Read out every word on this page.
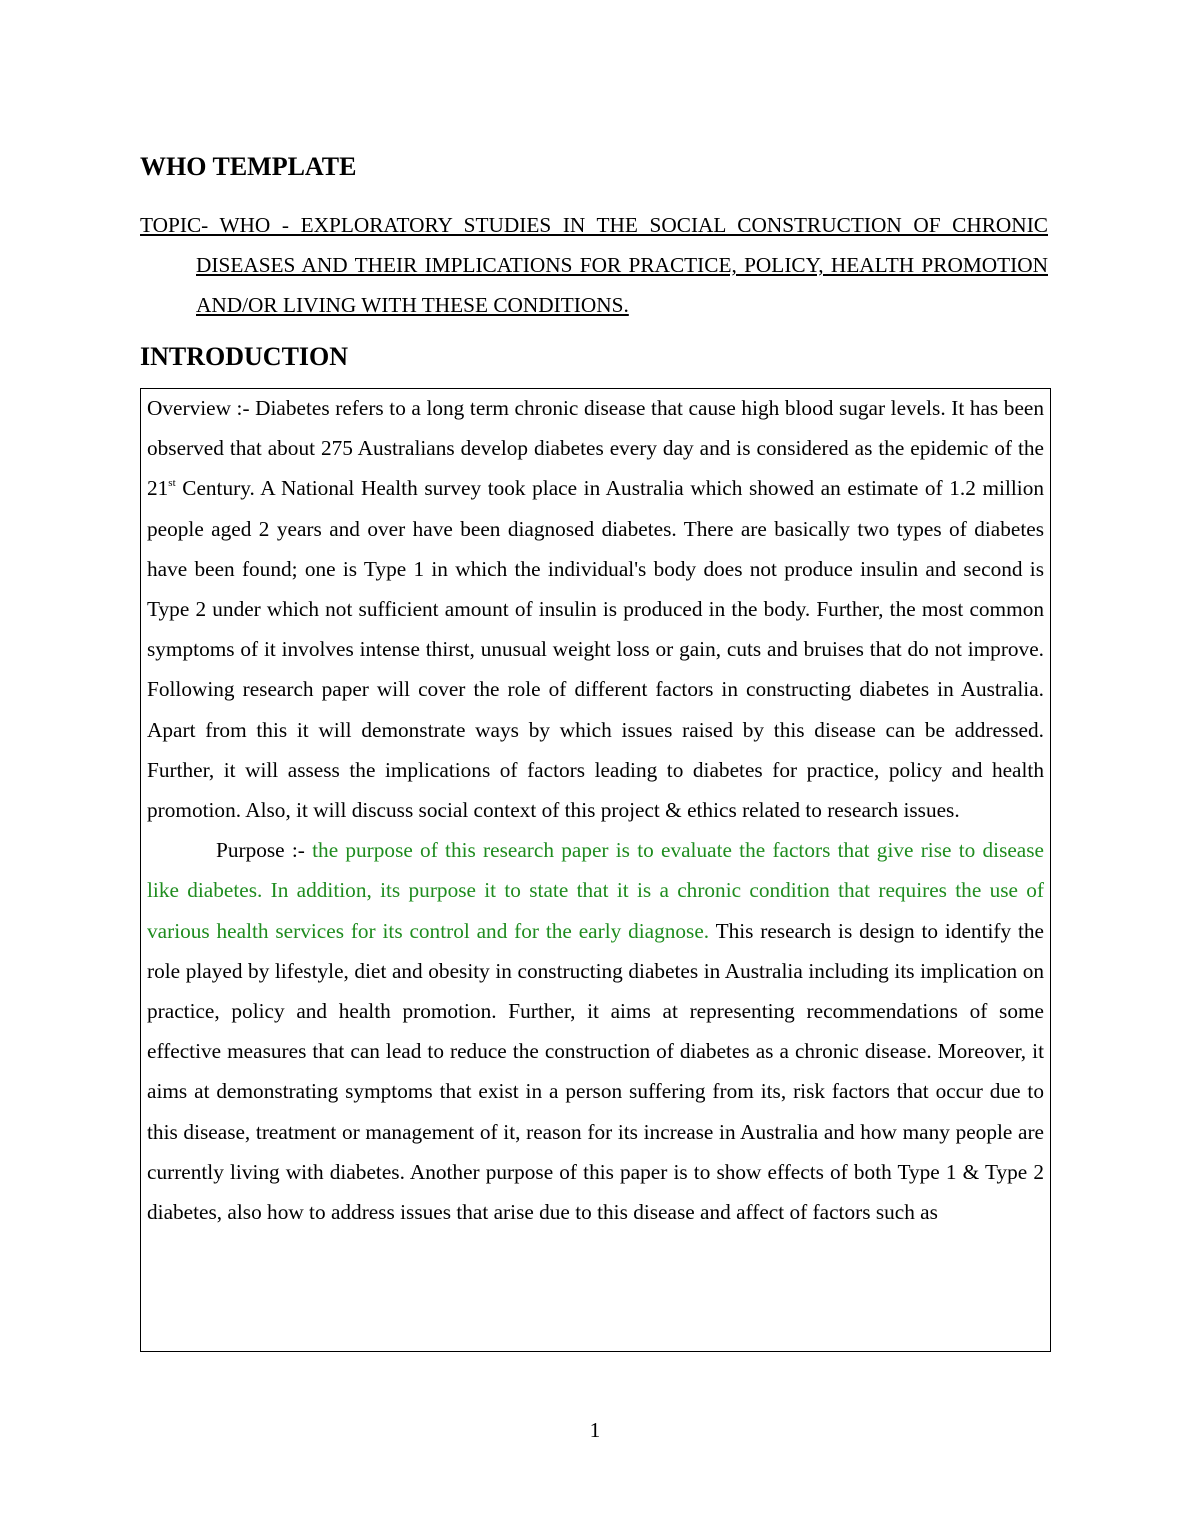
WHO TEMPLATE

TOPIC- WHO - EXPLORATORY STUDIES IN THE SOCIAL CONSTRUCTION OF CHRONIC DISEASES AND THEIR IMPLICATIONS FOR PRACTICE, POLICY, HEALTH PROMOTION AND/OR LIVING WITH THESE CONDITIONS.

INTRODUCTION

Overview :- Diabetes refers to a long term chronic disease that cause high blood sugar levels. It has been observed that about 275 Australians develop diabetes every day and is considered as the epidemic of the 21st Century. A National Health survey took place in Australia which showed an estimate of 1.2 million people aged 2 years and over have been diagnosed diabetes. There are basically two types of diabetes have been found; one is Type 1 in which the individual's body does not produce insulin and second is Type 2 under which not sufficient amount of insulin is produced in the body. Further, the most common symptoms of it involves intense thirst, unusual weight loss or gain, cuts and bruises that do not improve. Following research paper will cover the role of different factors in constructing diabetes in Australia. Apart from this it will demonstrate ways by which issues raised by this disease can be addressed. Further, it will assess the implications of factors leading to diabetes for practice, policy and health promotion. Also, it will discuss social context of this project & ethics related to research issues.

Purpose :- the purpose of this research paper is to evaluate the factors that give rise to disease like diabetes. In addition, its purpose it to state that it is a chronic condition that requires the use of various health services for its control and for the early diagnose. This research is design to identify the role played by lifestyle, diet and obesity in constructing diabetes in Australia including its implication on practice, policy and health promotion. Further, it aims at representing recommendations of some effective measures that can lead to reduce the construction of diabetes as a chronic disease. Moreover, it aims at demonstrating symptoms that exist in a person suffering from its, risk factors that occur due to this disease, treatment or management of it, reason for its increase in Australia and how many people are currently living with diabetes. Another purpose of this paper is to show effects of both Type 1 & Type 2 diabetes, also how to address issues that arise due to this disease and affect of factors such as

1
